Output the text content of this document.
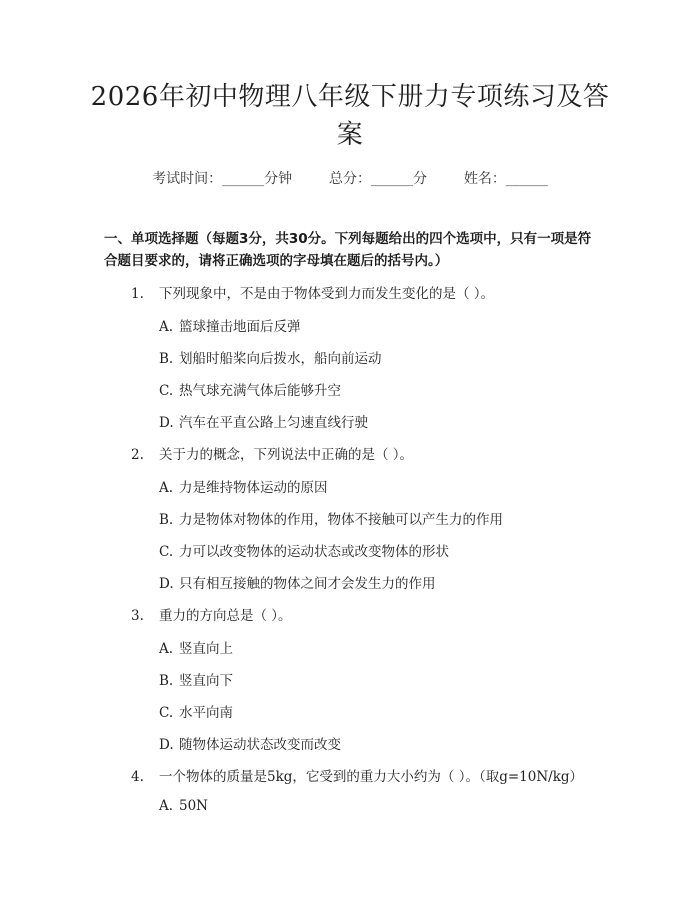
2026年初中物理八年级下册力专项练习及答案
考试时间：______分钟	总分：______分	姓名：______
一、单项选择题（每题3分，共30分。下列每题给出的四个选项中，只有一项是符合题目要求的，请将正确选项的字母填在题后的括号内。）
1. 下列现象中，不是由于物体受到力而发生变化的是（ ）。
A. 篮球撞击地面后反弹
B. 划船时船桨向后拨水，船向前运动
C. 热气球充满气体后能够升空
D. 汽车在平直公路上匀速直线行驶
2. 关于力的概念，下列说法中正确的是（ ）。
A. 力是维持物体运动的原因
B. 力是物体对物体的作用，物体不接触可以产生力的作用
C. 力可以改变物体的运动状态或改变物体的形状
D. 只有相互接触的物体之间才会发生力的作用
3. 重力的方向总是（ ）。
A. 竖直向上
B. 竖直向下
C. 水平向南
D. 随物体运动状态改变而改变
4. 一个物体的质量是5kg，它受到的重力大小约为（ ）。（取g=10N/kg）
A. 50N
